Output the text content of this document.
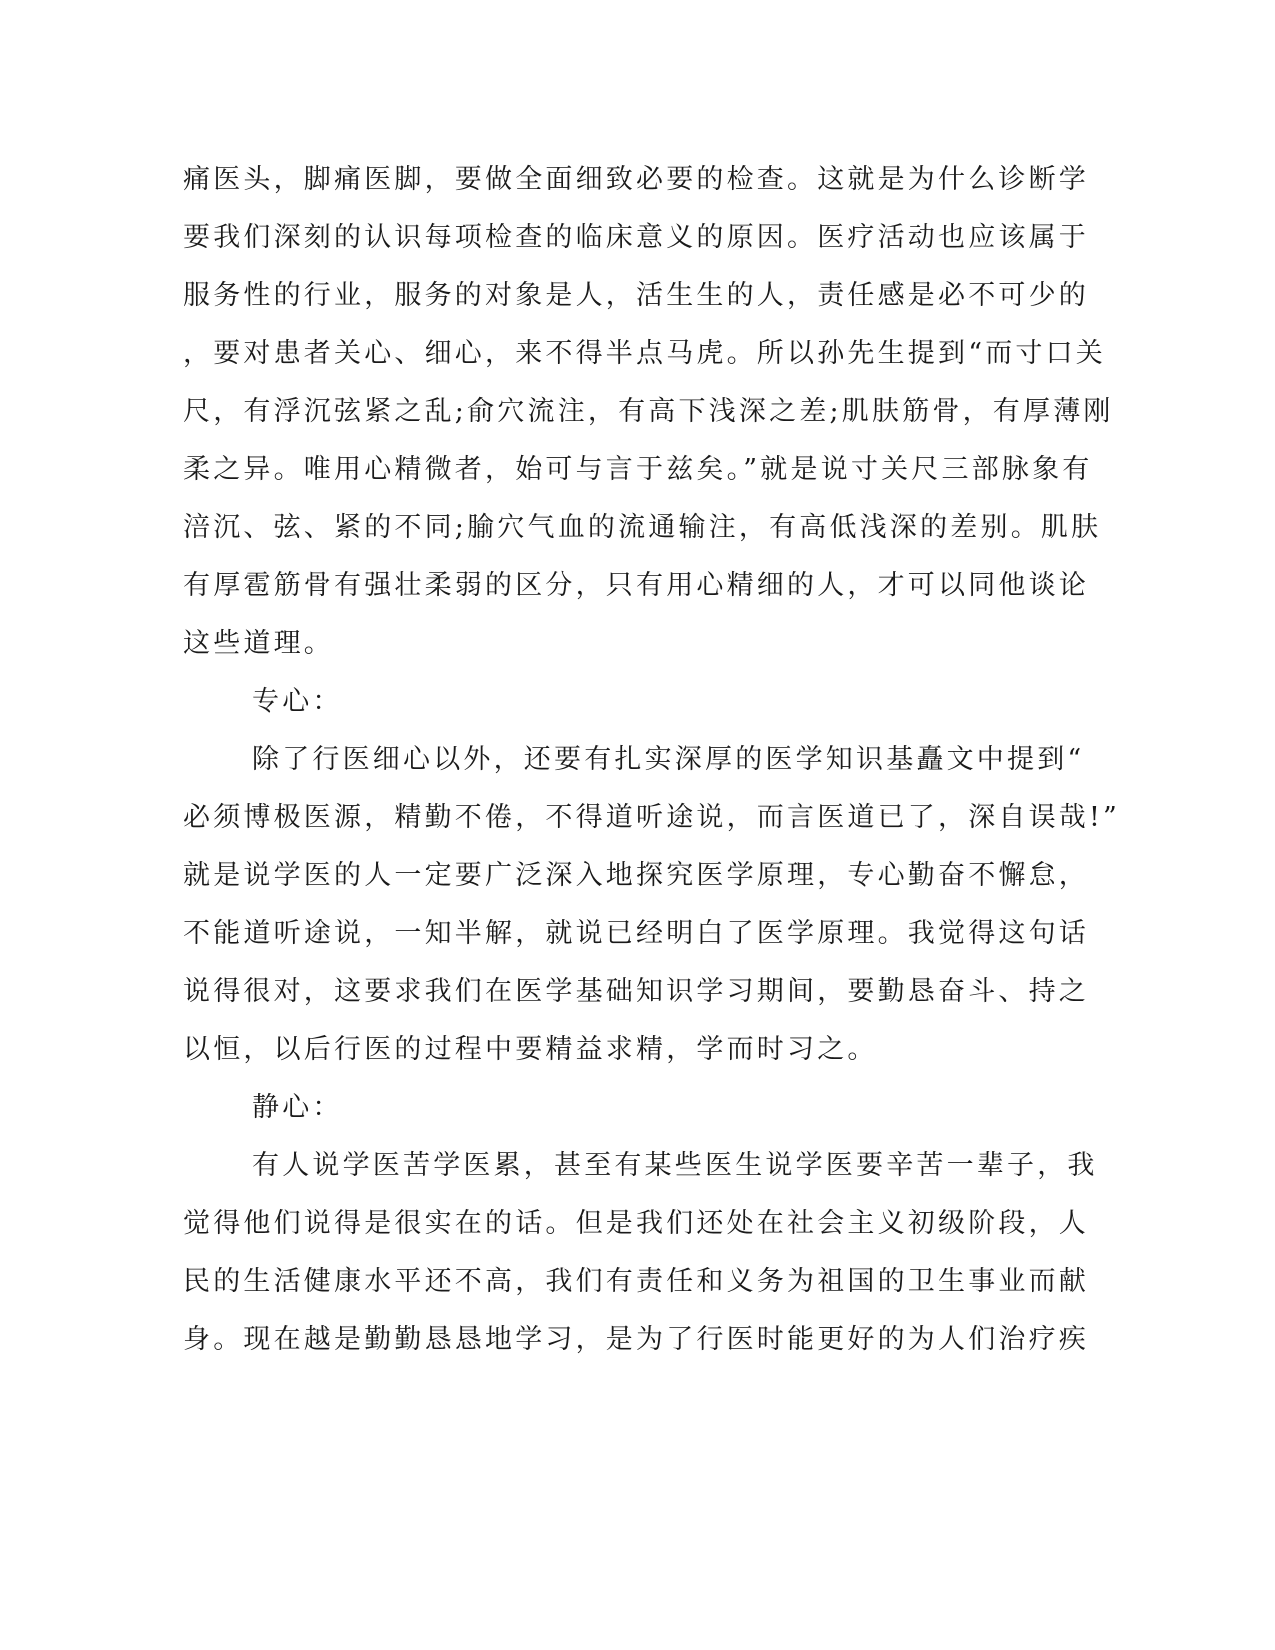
痛医头，脚痛医脚，要做全面细致必要的检查。这就是为什么诊断学
要我们深刻的认识每项检查的临床意义的原因。医疗活动也应该属于
服务性的行业，服务的对象是人，活生生的人，责任感是必不可少的
，要对患者关心、细心，来不得半点马虎。所以孙先生提到“而寸口关
尺，有浮沉弦紧之乱;俞穴流注，有高下浅深之差;肌肤筋骨，有厚薄刚
柔之异。唯用心精微者，始可与言于兹矣。”就是说寸关尺三部脉象有
涪沉、弦、紧的不同;腧穴气血的流通输注，有高低浅深的差别。肌肤
有厚雹筋骨有强壮柔弱的区分，只有用心精细的人，才可以同他谈论
这些道理。
专心：
除了行医细心以外，还要有扎实深厚的医学知识基矗文中提到“
必须博极医源，精勤不倦，不得道听途说，而言医道已了，深自误哉!”
就是说学医的人一定要广泛深入地探究医学原理，专心勤奋不懈怠，
不能道听途说，一知半解，就说已经明白了医学原理。我觉得这句话
说得很对，这要求我们在医学基础知识学习期间，要勤恳奋斗、持之
以恒，以后行医的过程中要精益求精，学而时习之。
静心：
有人说学医苦学医累，甚至有某些医生说学医要辛苦一辈子，我
觉得他们说得是很实在的话。但是我们还处在社会主义初级阶段，人
民的生活健康水平还不高，我们有责任和义务为祖国的卫生事业而献
身。现在越是勤勤恳恳地学习，是为了行医时能更好的为人们治疗疾
